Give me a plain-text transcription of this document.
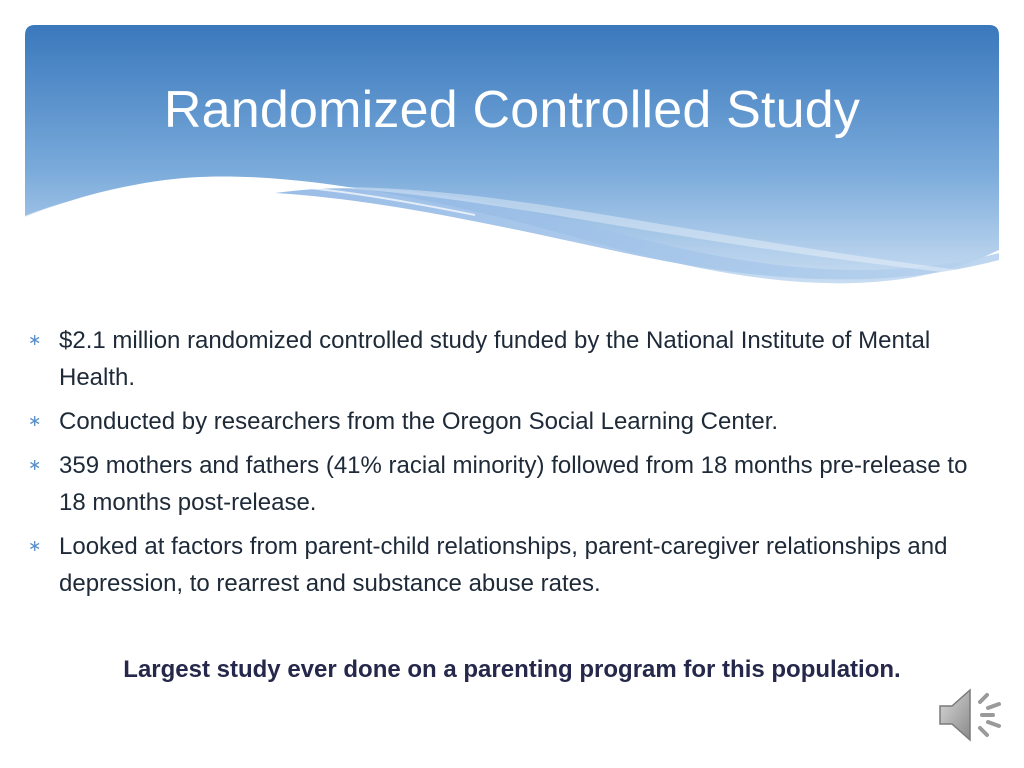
Randomized Controlled Study
∗ $2.1 million randomized controlled study funded by the National Institute of Mental Health.
∗ Conducted by researchers from the Oregon Social Learning Center.
∗ 359 mothers and fathers (41% racial minority) followed from 18 months pre-release to 18 months post-release.
∗ Looked at factors from parent-child relationships, parent-caregiver relationships and depression, to rearrest and substance abuse rates.
Largest study ever done on a parenting program for this population.
